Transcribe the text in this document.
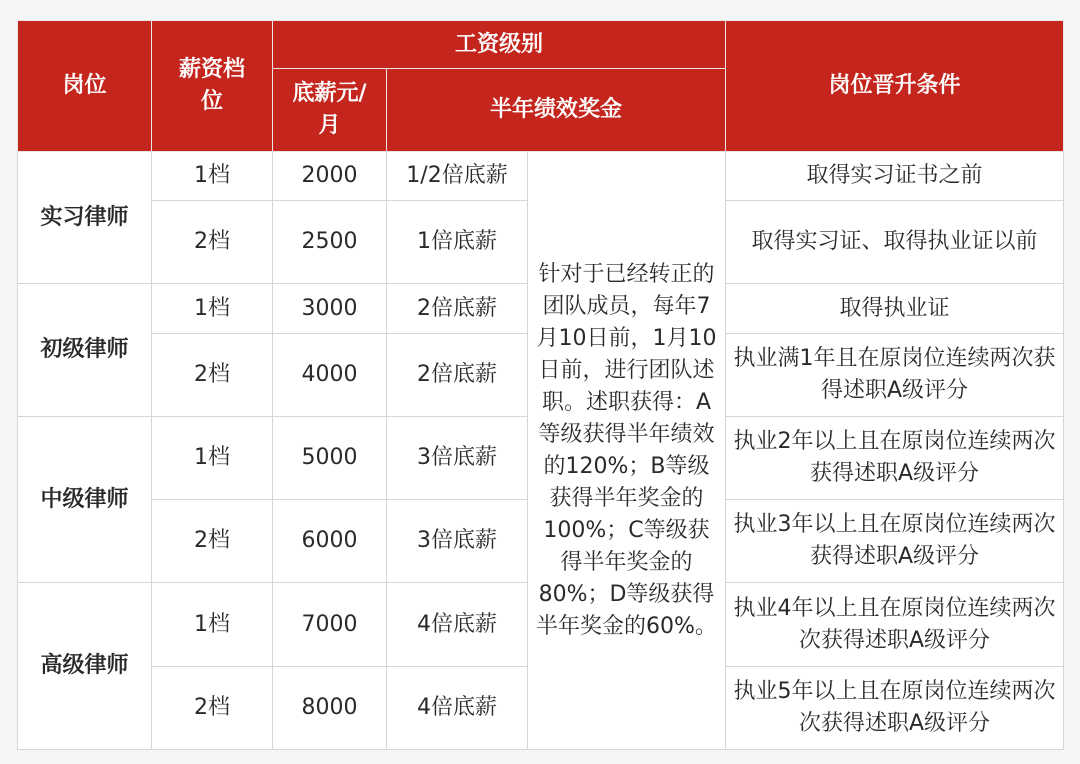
岗位	薪资档位	工资级别			岗位晋升条件
		底薪元/月	半年绩效奖金		
实习律师	1档	2000	1/2倍底薪	针对于已经转正的团队成员，每年7月10日前，1月10日前，进行团队述职。述职获得：A等级获得半年绩效的120%；B等级获得半年奖金的100%；C等级获得半年奖金的80%；D等级获得半年奖金的60%。	取得实习证书之前
	2档	2500	1倍底薪		取得实习证、取得执业证以前
初级律师	1档	3000	2倍底薪		取得执业证
	2档	4000	2倍底薪		执业满1年且在原岗位连续两次获得述职A级评分
中级律师	1档	5000	3倍底薪		执业2年以上且在原岗位连续两次获得述职A级评分
	2档	6000	3倍底薪		执业3年以上且在原岗位连续两次获得述职A级评分
高级律师	1档	7000	4倍底薪		执业4年以上且在原岗位连续两次次获得述职A级评分
	2档	8000	4倍底薪		执业5年以上且在原岗位连续两次次获得述职A级评分
